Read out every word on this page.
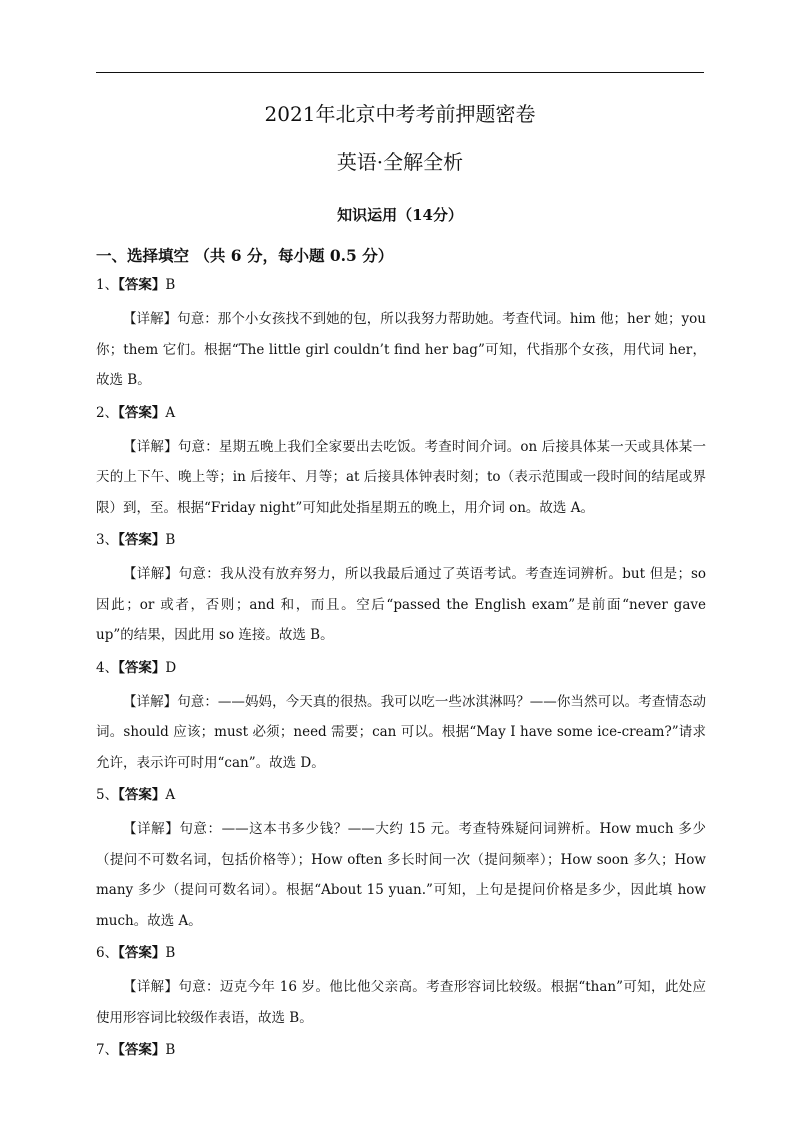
2021年北京中考考前押题密卷
英语·全解全析
知识运用（14分）
一、选择填空 （共 6 分，每小题 0.5 分）
1、【答案】B
【详解】句意：那个小女孩找不到她的包，所以我努力帮助她。考查代词。him 他；her 她；you 你；them 它们。根据“The little girl couldn’t find her bag”可知，代指那个女孩，用代词 her，故选 B。
2、【答案】A
【详解】句意：星期五晚上我们全家要出去吃饭。考查时间介词。on 后接具体某一天或具体某一天的上下午、晚上等；in 后接年、月等；at 后接具体钟表时刻；to（表示范围或一段时间的结尾或界限）到，至。根据“Friday night”可知此处指星期五的晚上，用介词 on。故选 A。
3、【答案】B
【详解】句意：我从没有放弃努力，所以我最后通过了英语考试。考查连词辨析。but 但是；so 因此；or 或者，否则；and 和，而且。空后“passed the English exam”是前面“never gave up”的结果，因此用 so 连接。故选 B。
4、【答案】D
【详解】句意：——妈妈，今天真的很热。我可以吃一些冰淇淋吗？——你当然可以。考查情态动词。should 应该；must 必须；need 需要；can 可以。根据“May I have some ice-cream?”请求允许，表示许可时用“can”。故选 D。
5、【答案】A
【详解】句意：——这本书多少钱？——大约 15 元。考查特殊疑问词辨析。How much 多少（提问不可数名词，包括价格等）；How often 多长时间一次（提问频率）；How soon 多久；How many 多少（提问可数名词）。根据“About 15 yuan.”可知，上句是提问价格是多少，因此填 how much。故选 A。
6、【答案】B
【详解】句意：迈克今年 16 岁。他比他父亲高。考查形容词比较级。根据“than”可知，此处应使用形容词比较级作表语，故选 B。
7、【答案】B
